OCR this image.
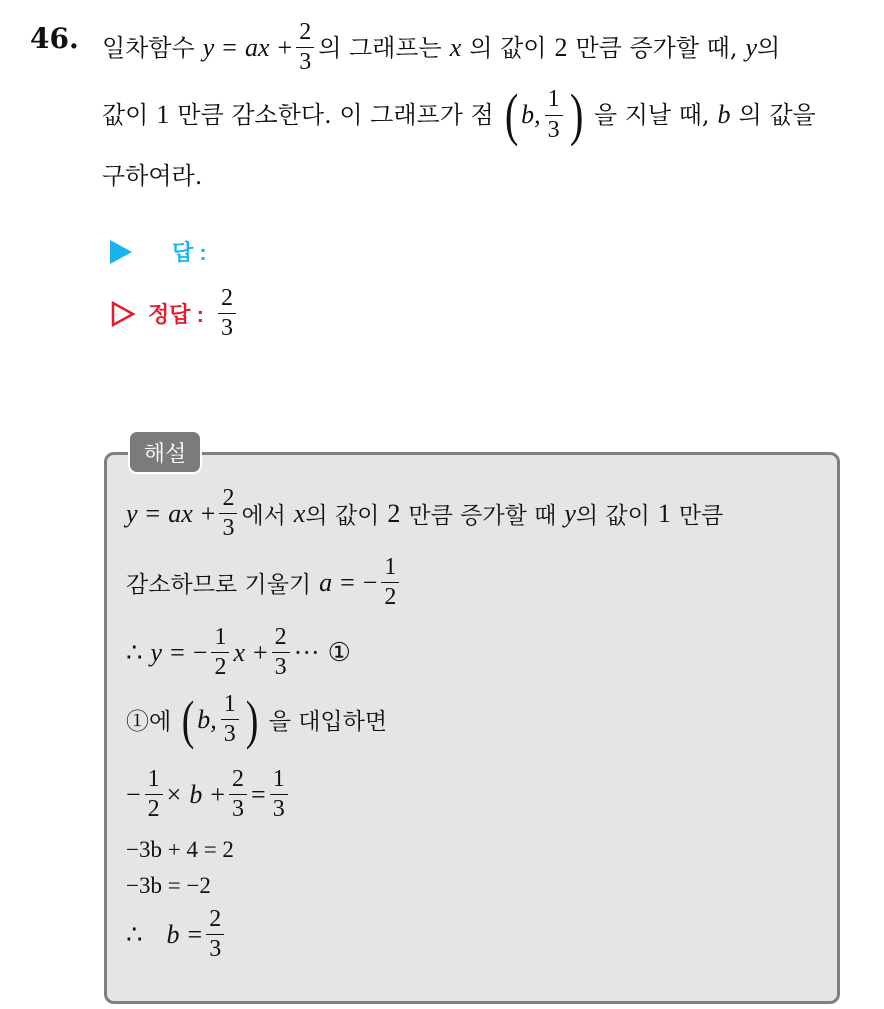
46. 일차함수 y = ax + $\frac{2}{3}$ 의 그래프는 x 의 값이 2 만큼 증가할 때, y 의
값이 1 만큼 감소한다. 이 그래프가 점 ( b, $\frac{1}{3}$ ) 을 지날 때, b 의 값을
구하여라.
답 :
정답 : $\frac{2}{3}$
해설
y = ax + $\frac{2}{3}$ 에서 x 의 값이 2 만큼 증가할 때 y 의 값이 1 만큼
감소하므로 기울기 a = − $\frac{1}{2}$
∴ y = − $\frac{1}{2}$ $x + \frac{2}{3}$ ··· ①
①에 ( b, $\frac{1}{3}$ ) 을 대입하면
− $\frac{1}{2} \times b + \frac{2}{3} = \frac{1}{3}$
−3b + 4 = 2
−3b = −2
∴ $b = \frac{2}{3}$
